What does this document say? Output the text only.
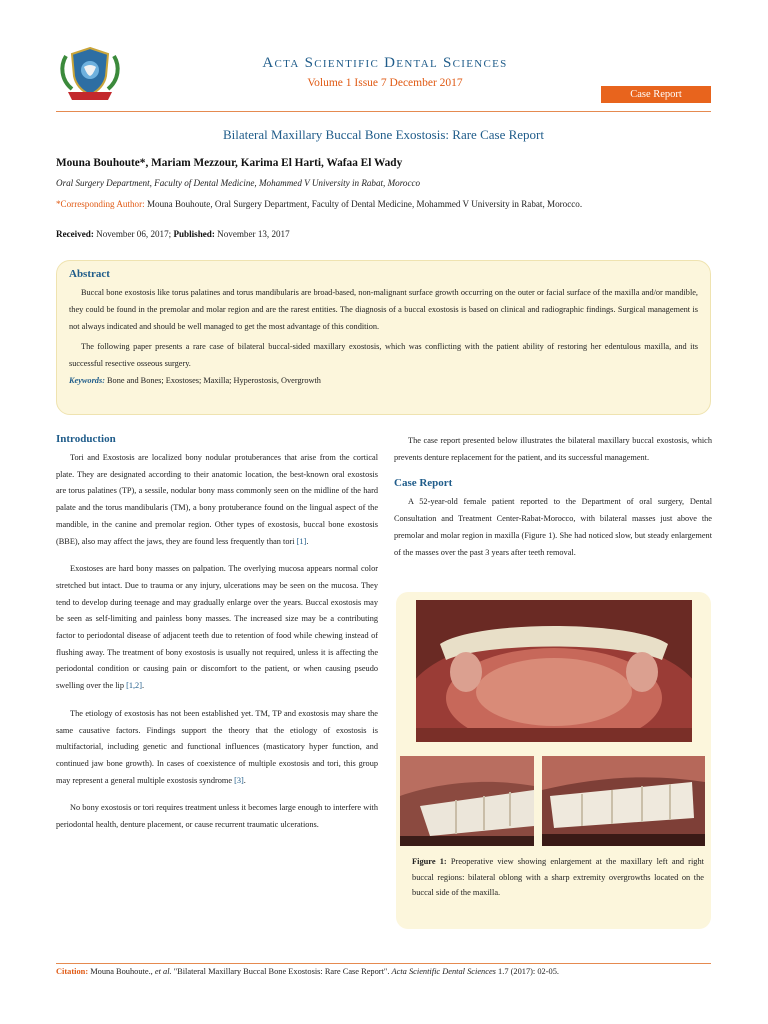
Acta Scientific Dental Sciences
Volume 1 Issue 7 December 2017
Case Report
Bilateral Maxillary Buccal Bone Exostosis: Rare Case Report
Mouna Bouhoute*, Mariam Mezzour, Karima El Harti, Wafaa El Wady
Oral Surgery Department, Faculty of Dental Medicine, Mohammed V University in Rabat, Morocco
*Corresponding Author: Mouna Bouhoute, Oral Surgery Department, Faculty of Dental Medicine, Mohammed V University in Rabat, Morocco.
Received: November 06, 2017; Published: November 13, 2017
Abstract

Buccal bone exostosis like torus palatines and torus mandibularis are broad-based, non-malignant surface growth occurring on the outer or facial surface of the maxilla and/or mandible, they could be found in the premolar and molar region and are the rarest entities. The diagnosis of a buccal exostosis is based on clinical and radiographic findings. Surgical management is not always indicated and should be well managed to get the most advantage of this condition.

The following paper presents a rare case of bilateral buccal-sided maxillary exostosis, which was conflicting with the patient ability of restoring her edentulous maxilla, and its successful resective osseous surgery.

Keywords: Bone and Bones; Exostoses; Maxilla; Hyperostosis, Overgrowth
Introduction

Tori and Exostosis are localized bony nodular protuberances that arise from the cortical plate. They are designated according to their anatomic location, the best-known oral exostosis are torus palatines (TP), a sessile, nodular bony mass commonly seen on the midline of the hard palate and the torus mandibularis (TM), a bony protuberance found on the lingual aspect of the mandible, in the canine and premolar region. Other types of exostosis, buccal bone exostosis (BBE), also may affect the jaws, they are found less frequently than tori [1].

Exostoses are hard bony masses on palpation. The overlying mucosa appears normal color stretched but intact. Due to trauma or any injury, ulcerations may be seen on the mucosa. They tend to develop during teenage and may gradually enlarge over the years. Buccal exostosis may be seen as self-limiting and painless bony masses. The increased size may be a contributing factor to periodontal disease of adjacent teeth due to retention of food while chewing instead of flushing away. The treatment of bony exostosis is usually not required, unless it is affecting the periodontal condition or causing pain or discomfort to the patient, or when causing pseudo swelling over the lip [1,2].

The etiology of exostosis has not been established yet. TM, TP and exostosis may share the same causative factors. Findings support the theory that the etiology of exostosis is multifactorial, including genetic and functional influences (masticatory hyper function, and continued jaw bone growth). In cases of coexistence of multiple exostosis and tori, this group may represent a general multiple exostosis syndrome [3].

No bony exostosis or tori requires treatment unless it becomes large enough to interfere with periodontal health, denture placement, or cause recurrent traumatic ulcerations.

The case report presented below illustrates the bilateral maxillary buccal exostosis, which prevents denture replacement for the patient, and its successful management.

Case Report

A 52-year-old female patient reported to the Department of oral surgery, Dental Consultation and Treatment Center-Rabat-Morocco, with bilateral masses just above the premolar and molar region in maxilla (Figure 1). She had noticed slow, but steady enlargement of the masses over the past 3 years after teeth removal.

Figure 1: Preoperative view showing enlargement at the maxillary left and right buccal regions: bilateral oblong with a sharp extremity overgrowths located on the buccal side of the maxilla.
Citation: Mouna Bouhoute., et al. "Bilateral Maxillary Buccal Bone Exostosis: Rare Case Report". Acta Scientific Dental Sciences 1.7 (2017): 02-05.
